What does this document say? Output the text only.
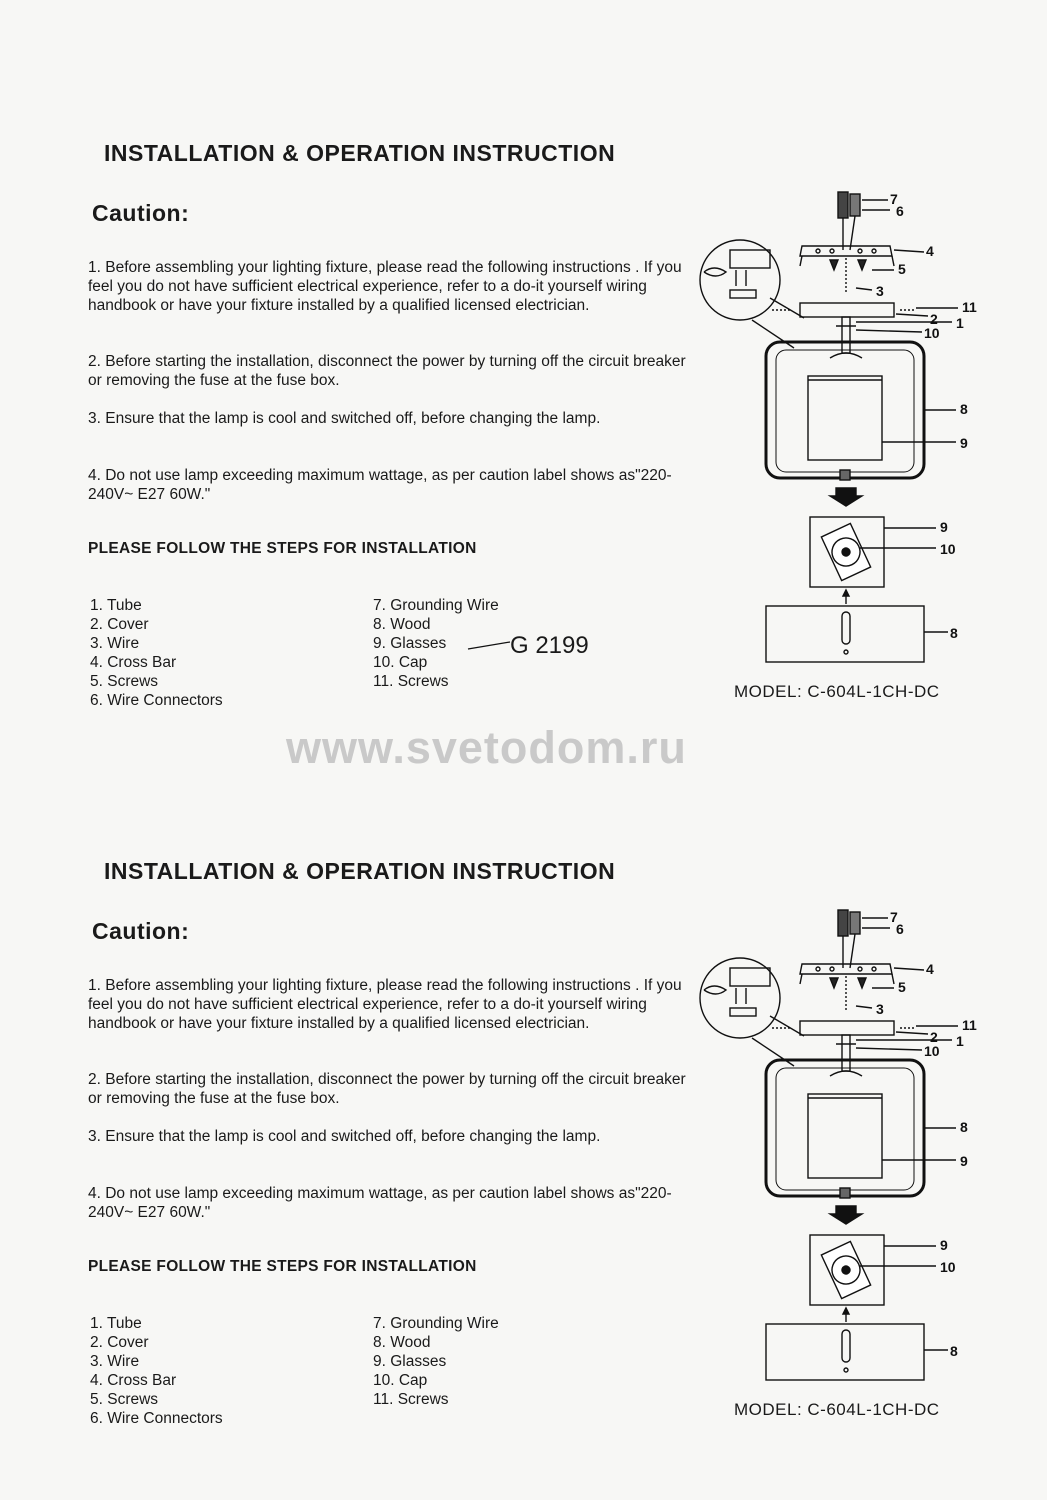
INSTALLATION & OPERATION INSTRUCTION
Caution:

1. Before assembling your lighting fixture, please read the following instructions . If you feel you do not have sufficient electrical experience, refer to a do-it yourself wiring handbook or have your fixture installed by a qualified licensed electrician.

2. Before starting the installation, disconnect the power by turning off the circuit breaker or removing the fuse at the fuse box.

3. Ensure that the lamp is cool and switched off, before changing the lamp.

4. Do not use lamp exceeding maximum wattage, as per caution label shows as"220-240V~ E27 60W."

PLEASE FOLLOW THE STEPS FOR INSTALLATION
1. Tube
2. Cover
3. Wire
4. Cross Bar
5. Screws
6. Wire Connectors
7. Grounding Wire
8. Wood
9. Glasses
10. Cap
11. Screws
G 2199
MODEL: C-604L-1CH-DC
7
6
4
5
3
11
2 1
10
8
9
9
10
8
www.svetodom.ru
INSTALLATION & OPERATION INSTRUCTION
Caution:

1. Before assembling your lighting fixture, please read the following instructions . If you feel you do not have sufficient electrical experience, refer to a do-it yourself wiring handbook or have your fixture installed by a qualified licensed electrician.

2. Before starting the installation, disconnect the power by turning off the circuit breaker or removing the fuse at the fuse box.

3. Ensure that the lamp is cool and switched off, before changing the lamp.

4. Do not use lamp exceeding maximum wattage, as per caution label shows as"220-240V~ E27 60W."

PLEASE FOLLOW THE STEPS FOR INSTALLATION
1. Tube
2. Cover
3. Wire
4. Cross Bar
5. Screws
6. Wire Connectors
7. Grounding Wire
8. Wood
9. Glasses
10. Cap
11. Screws
MODEL: C-604L-1CH-DC
7
6
4
5
3
11
2 1
10
8
9
9
10
8
